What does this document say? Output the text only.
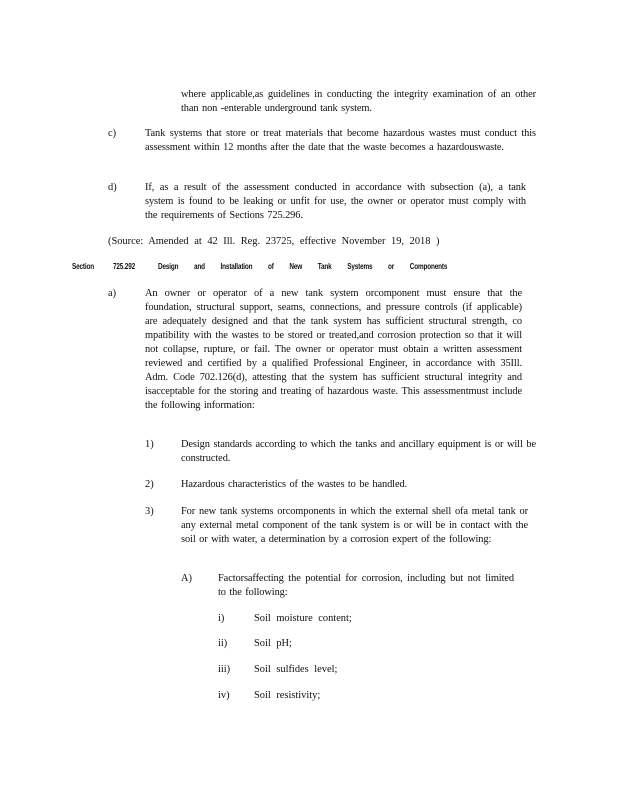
where applicable,as guidelines in conducting the integrity examination of an other than non -enterable underground tank system.

c)	Tank systems that store or treat materials that become hazardous wastes must conduct this assessment within 12 months after the date that the waste becomes a hazardouswaste.

d)	If, as a result of the assessment conducted in accordance with subsection (a), a tank system is found to be leaking or unfit for use, the owner or operator must comply with the requirements of Sections 725.296.

(Source: Amended at 42 Ill. Reg. 23725, effective November 19, 2018 )
Section 725.292	Design and Installation of New Tank Systems or Components
a)	An owner or operator of a new tank system orcomponent must ensure that the foundation, structural support, seams, connections, and pressure controls (if applicable) are adequately designed and that the tank system has sufficient structural strength, co mpatibility with the wastes to be stored or treated,and corrosion protection so that it will not collapse, rupture, or fail. The owner or operator must obtain a written assessment reviewed and certified by a qualified Professional Engineer, in accordance with 35Ill. Adm. Code 702.126(d), attesting that the system has sufficient structural integrity and isacceptable for the storing and treating of hazardous waste. This assessmentmust include the following information:

1)	Design standards according to which the tanks and ancillary equipment is or will be constructed.

2)	Hazardous characteristics of the wastes to be handled.

3)	For new tank systems orcomponents in which the external shell ofa metal tank or any external metal component of the tank system is or will be in contact with the soil or with water, a determination by a corrosion expert of the following:

A)	Factorsaffecting the potential for corrosion, including but not limited to the following:

i)	Soil moisture content;
ii)	Soil pH;
iii) Soil sulfides level;
iv) Soil resistivity;
